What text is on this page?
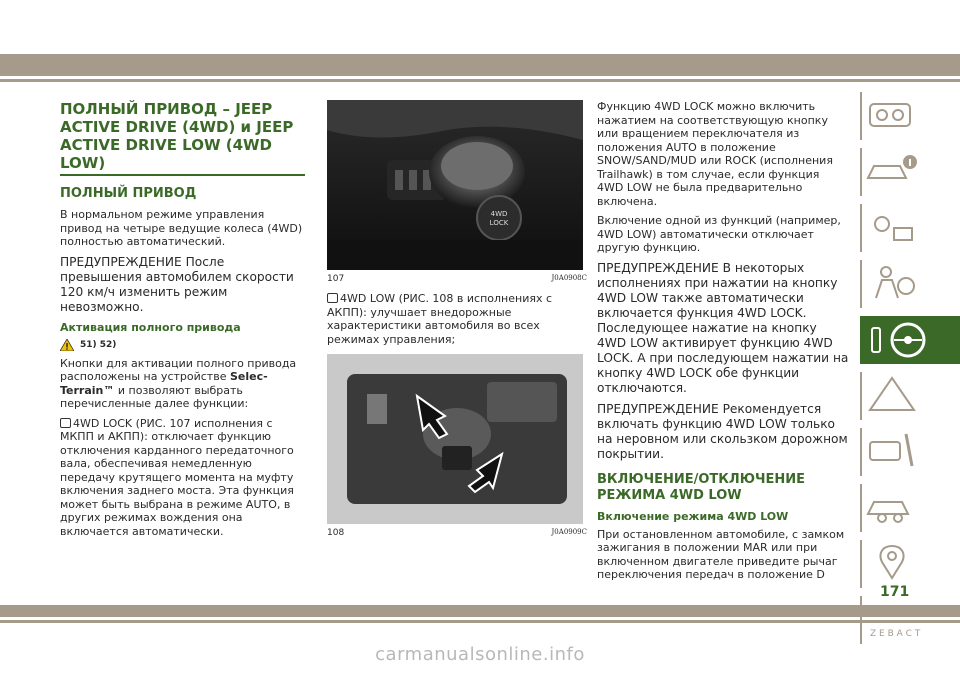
ПОЛНЫЙ ПРИВОД – JEEP ACTIVE DRIVE (4WD) и JEEP ACTIVE DRIVE LOW (4WD LOW)
ПОЛНЫЙ ПРИВОД

В нормальном режиме управления привод на четыре ведущие колеса (4WD) полностью автоматический.

ПРЕДУПРЕЖДЕНИЕ После превышения автомобилем скорости 120 км/ч изменить режим невозможно.

Активация полного привода
51) 52)

Кнопки для активации полного привода расположены на устройстве Selec-Terrain™ и позволяют выбрать перечисленные далее функции:

4WD LOCK (РИС. 107 исполнения с МКПП и АКПП): отключает функцию отключения карданного передаточного вала, обеспечивая немедленную передачу крутящего момента на муфту включения заднего моста. Эта функция может быть выбрана в режиме AUTO, в других режимах вождения она включается автоматически.

4WD
LOCK
107	J0A0908C

4WD LOW (РИС. 108 в исполнениях с АКПП): улучшает внедорожные характеристики автомобиля во всех режимах управления;

108	J0A0909C

Функцию 4WD LOCK можно включить нажатием на соответствующую кнопку или вращением переключателя из положения AUTO в положение SNOW/SAND/MUD или ROCK (исполнения Trailhawk) в том случае, если функция 4WD LOW не была предварительно включена.

Включение одной из функций (например, 4WD LOW) автоматически отключает другую функцию.

ПРЕДУПРЕЖДЕНИЕ В некоторых исполнениях при нажатии на кнопку 4WD LOW также автоматически включается функция 4WD LOCK. Последующее нажатие на кнопку 4WD LOW активирует функцию 4WD LOCK. А при последующем нажатии на кнопку 4WD LOCK обе функции отключаются.

ПРЕДУПРЕЖДЕНИЕ Рекомендуется включать функцию 4WD LOW только на неровном или скользком дорожном покрытии.

ВКЛЮЧЕНИЕ/ОТКЛЮЧЕНИЕ РЕЖИМА 4WD LOW
Включение режима 4WD LOW

При остановленном автомобиле, с замком зажигания в положении MAR или при включенном двигателе приведите рычаг переключения передач в положение D

Z E B A C T
171
carmanualsonline.info
